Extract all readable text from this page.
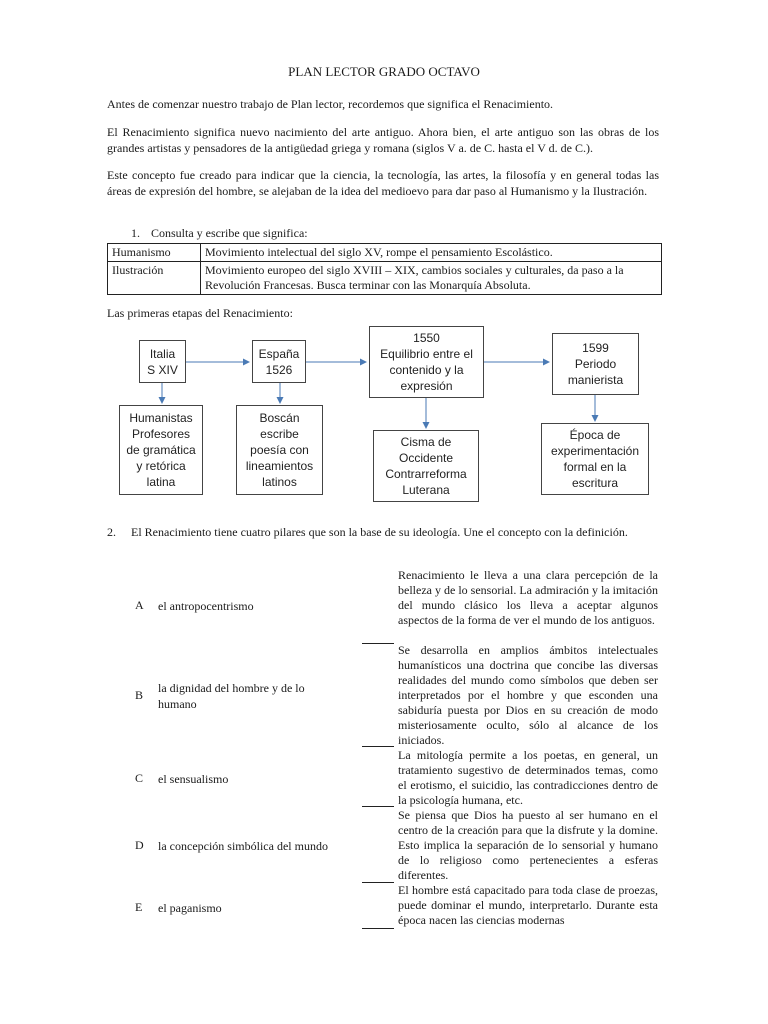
PLAN LECTOR GRADO OCTAVO
Antes de comenzar nuestro trabajo de Plan lector, recordemos que significa el Renacimiento.
El Renacimiento significa nuevo nacimiento del arte antiguo. Ahora bien, el arte antiguo son las obras de los grandes artistas y pensadores de la antigüedad griega y romana (siglos V a. de C. hasta el V d. de C.).
Este concepto fue creado para indicar que la ciencia, la tecnología, las artes, la filosofía y en general todas las áreas de expresión del hombre, se alejaban de la idea del medioevo para dar paso al Humanismo y la Ilustración.
1. Consulta y escribe que significa:
Humanismo	Movimiento intelectual del siglo XV, rompe el pensamiento Escolástico.
Ilustración	Movimiento europeo del siglo XVIII – XIX, cambios sociales y culturales, da paso a la Revolución Francesas. Busca terminar con las Monarquía Absoluta.
Las primeras etapas del Renacimiento:
Italia
S XIV
España
1526
1550
Equilibrio entre el contenido y la expresión
1599
Periodo manierista
Humanistas Profesores de gramática y retórica latina
Boscán escribe poesía con lineamientos latinos
Cisma de Occidente Contrarreforma Luterana
Época de experimentación formal en la escritura
2. El Renacimiento tiene cuatro pilares que son la base de su ideología. Une el concepto con la definición.
A	el antropocentrismo
B	la dignidad del hombre y de lo humano
C	el sensualismo
D	la concepción simbólica del mundo
E	el paganismo
Renacimiento le lleva a una clara percepción de la belleza y de lo sensorial. La admiración y la imitación del mundo clásico los lleva a aceptar algunos aspectos de la forma de ver el mundo de los antiguos.
Se desarrolla en amplios ámbitos intelectuales humanísticos una doctrina que concibe las diversas realidades del mundo como símbolos que deben ser interpretados por el hombre y que esconden una sabiduría puesta por Dios en su creación de modo misteriosamente oculto, sólo al alcance de los iniciados.
La mitología permite a los poetas, en general, un tratamiento sugestivo de determinados temas, como el erotismo, el suicidio, las contradicciones dentro de la psicología humana, etc.
Se piensa que Dios ha puesto al ser humano en el centro de la creación para que la disfrute y la domine. Esto implica la separación de lo sensorial y humano de lo religioso como pertenecientes a esferas diferentes.
El hombre está capacitado para toda clase de proezas, puede dominar el mundo, interpretarlo. Durante esta época nacen las ciencias modernas
